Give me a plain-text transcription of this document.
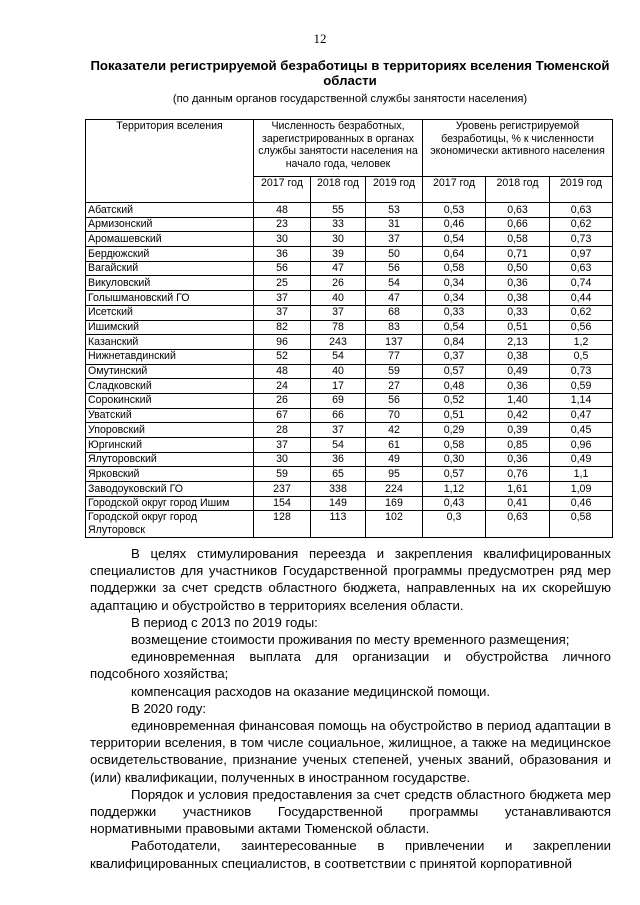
12
Показатели регистрируемой безработицы в территориях вселения Тюменской области
(по данным органов государственной службы занятости населения)
Территория вселения	Численность безработных, зарегистрированных в органах службы занятости населения на начало года, человек			Уровень регистрируемой безработицы, % к численности экономически активного населения		
	2017 год	2018 год	2019 год	2017 год	2018 год	2019 год
Абатский	48	55	53	0,53	0,63	0,63
Армизонский	23	33	31	0,46	0,66	0,62
Аромашевский	30	30	37	0,54	0,58	0,73
Бердюжский	36	39	50	0,64	0,71	0,97
Вагайский	56	47	56	0,58	0,50	0,63
Викуловский	25	26	54	0,34	0,36	0,74
Голышмановский ГО	37	40	47	0,34	0,38	0,44
Исетский	37	37	68	0,33	0,33	0,62
Ишимский	82	78	83	0,54	0,51	0,56
Казанский	96	243	137	0,84	2,13	1,2
Нижнетавдинский	52	54	77	0,37	0,38	0,5
Омутинский	48	40	59	0,57	0,49	0,73
Сладковский	24	17	27	0,48	0,36	0,59
Сорокинский	26	69	56	0,52	1,40	1,14
Уватский	67	66	70	0,51	0,42	0,47
Упоровский	28	37	42	0,29	0,39	0,45
Юргинский	37	54	61	0,58	0,85	0,96
Ялуторовский	30	36	49	0,30	0,36	0,49
Ярковский	59	65	95	0,57	0,76	1,1
Заводоуковский ГО	237	338	224	1,12	1,61	1,09
Городской округ город Ишим	154	149	169	0,43	0,41	0,46
Городской округ город Ялуторовск	128	113	102	0,3	0,63	0,58

В целях стимулирования переезда и закрепления квалифицированных специалистов для участников Государственной программы предусмотрен ряд мер поддержки за счет средств областного бюджета, направленных на их скорейшую адаптацию и обустройство в территориях вселения области.

В период с 2013 по 2019 годы:

возмещение стоимости проживания по месту временного размещения;

единовременная выплата для организации и обустройства личного подсобного хозяйства;

компенсация расходов на оказание медицинской помощи.

В 2020 году:

единовременная финансовая помощь на обустройство в период адаптации в территории вселения, в том числе социальное, жилищное, а также на медицинское освидетельствование, признание ученых степеней, ученых званий, образования и (или) квалификации, полученных в иностранном государстве.

Порядок и условия предоставления за счет средств областного бюджета мер поддержки участников Государственной программы устанавливаются нормативными правовыми актами Тюменской области.

Работодатели, заинтересованные в привлечении и закреплении квалифицированных специалистов, в соответствии с принятой корпоративной
